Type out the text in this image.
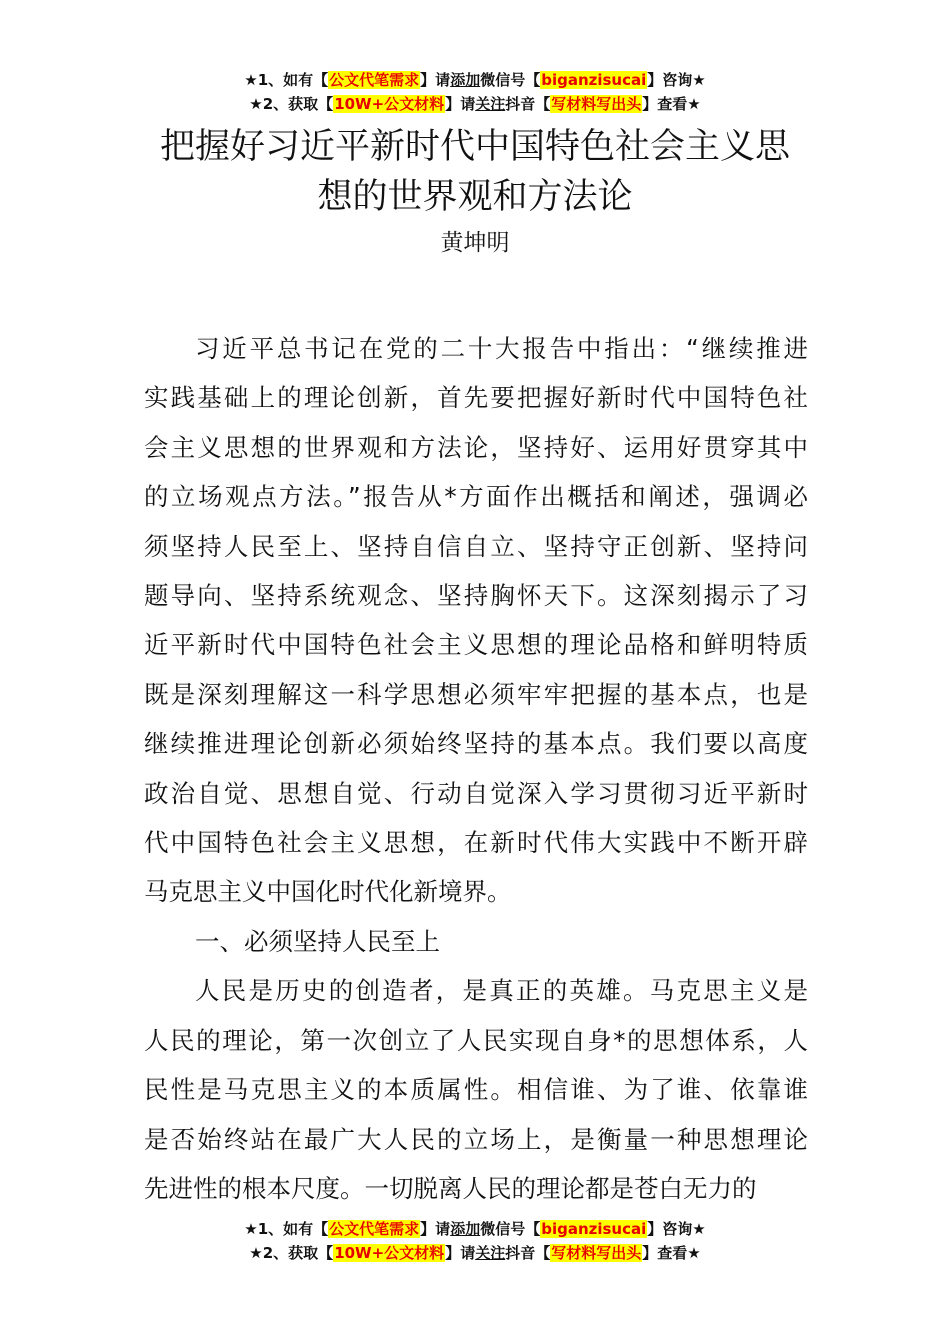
★1、如有【公文代笔需求】请添加微信号【biganzisucai】咨询★
★2、获取【10W+公文材料】请关注抖音【写材料写出头】查看★
把握好习近平新时代中国特色社会主义思
想的世界观和方法论
黄坤明
习近平总书记在党的二十大报告中指出：“继续推进
实践基础上的理论创新，首先要把握好新时代中国特色社
会主义思想的世界观和方法论，坚持好、运用好贯穿其中
的立场观点方法。”报告从*方面作出概括和阐述，强调必
须坚持人民至上、坚持自信自立、坚持守正创新、坚持问
题导向、坚持系统观念、坚持胸怀天下。这深刻揭示了习
近平新时代中国特色社会主义思想的理论品格和鲜明特质
既是深刻理解这一科学思想必须牢牢把握的基本点，也是
继续推进理论创新必须始终坚持的基本点。我们要以高度
政治自觉、思想自觉、行动自觉深入学习贯彻习近平新时
代中国特色社会主义思想，在新时代伟大实践中不断开辟
马克思主义中国化时代化新境界。
一、必须坚持人民至上
人民是历史的创造者，是真正的英雄。马克思主义是
人民的理论，第一次创立了人民实现自身*的思想体系，人
民性是马克思主义的本质属性。相信谁、为了谁、依靠谁
是否始终站在最广大人民的立场上，是衡量一种思想理论
先进性的根本尺度。一切脱离人民的理论都是苍白无力的
★1、如有【公文代笔需求】请添加微信号【biganzisucai】咨询★
★2、获取【10W+公文材料】请关注抖音【写材料写出头】查看★
